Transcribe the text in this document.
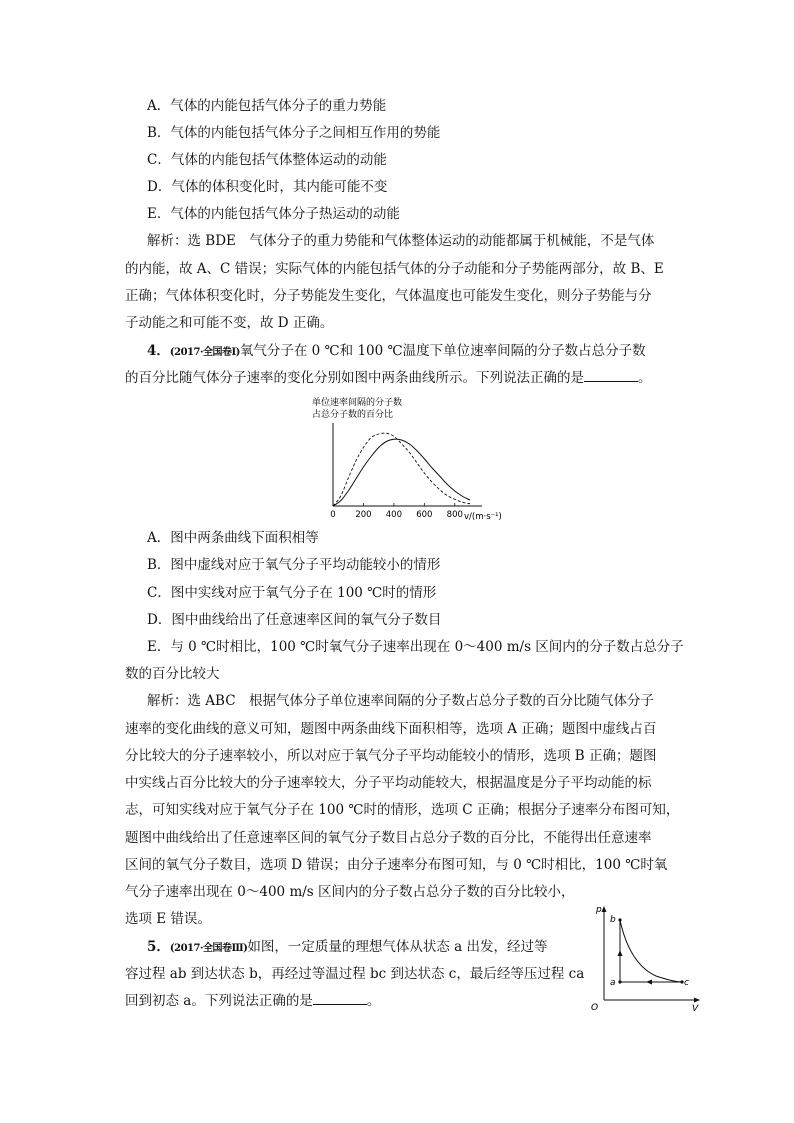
A．气体的内能包括气体分子的重力势能
B．气体的内能包括气体分子之间相互作用的势能
C．气体的内能包括气体整体运动的动能
D．气体的体积变化时，其内能可能不变
E．气体的内能包括气体分子热运动的动能
解析：选 BDE　气体分子的重力势能和气体整体运动的动能都属于机械能，不是气体
的内能，故 A、C 错误；实际气体的内能包括气体的分子动能和分子势能两部分，故 B、E
正确；气体体积变化时，分子势能发生变化，气体温度也可能发生变化，则分子势能与分
子动能之和可能不变，故 D 正确。
4．(2017·全国卷Ⅰ)氧气分子在 0 ℃和 100 ℃温度下单位速率间隔的分子数占总分子数
的百分比随气体分子速率的变化分别如图中两条曲线所示。下列说法正确的是	。
单位速率间隔的分子数
占总分子数的百分比
0 200 400 600 800 v/(m·s⁻¹)
A．图中两条曲线下面积相等
B．图中虚线对应于氧气分子平均动能较小的情形
C．图中实线对应于氧气分子在 100 ℃时的情形
D．图中曲线给出了任意速率区间的氧气分子数目
E．与 0 ℃时相比，100 ℃时氧气分子速率出现在 0～400 m/s 区间内的分子数占总分子
数的百分比较大
解析：选 ABC　根据气体分子单位速率间隔的分子数占总分子数的百分比随气体分子
速率的变化曲线的意义可知，题图中两条曲线下面积相等，选项 A 正确；题图中虚线占百
分比较大的分子速率较小，所以对应于氧气分子平均动能较小的情形，选项 B 正确；题图
中实线占百分比较大的分子速率较大，分子平均动能较大，根据温度是分子平均动能的标
志，可知实线对应于氧气分子在 100 ℃时的情形，选项 C 正确；根据分子速率分布图可知，
题图中曲线给出了任意速率区间的氧气分子数目占总分子数的百分比，不能得出任意速率
区间的氧气分子数目，选项 D 错误；由分子速率分布图可知，与 0 ℃时相比，100 ℃时氧
气分子速率出现在 0～400 m/s 区间内的分子数占总分子数的百分比较小，
选项 E 错误。
5．(2017·全国卷Ⅲ)如图，一定质量的理想气体从状态 a 出发，经过等
容过程 ab 到达状态 b，再经过等温过程 bc 到达状态 c，最后经等压过程 ca
回到初态 a。下列说法正确的是	。
p
V
O
a
b
c
